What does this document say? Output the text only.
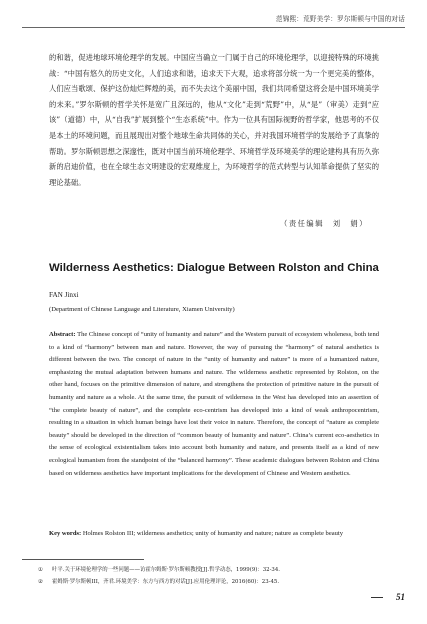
范锦熙：荒野美学：罗尔斯顿与中国的对话

的和谐，促进地球环境伦理学的发展。中国应当确立一门属于自己的环境伦理学，以迎接特殊的环境挑战：“中国有悠久的历史文化，人们追求和谐，追求天下大观，追求将部分统一为一个更完美的整体，人们应当歌颂、保护这份灿烂辉煌的美，而不失去这个美丽中国，我们共同希望这将会是中国环境美学的未来。”罗尔斯顿的哲学关怀是宽广且深远的，他从“文化”走到“荒野”中，从“是”（审美）走到“应该”（道德）中，从“自我”扩展到整个“生态系统”中。作为一位具有国际视野的哲学家，他思考的不仅是本土的环境问题，而且展现出对整个地球生命共同体的关心，并对我国环境哲学的发展给予了真挚的帮助。罗尔斯顿思想之深邃性，既对中国当前环境伦理学、环境哲学及环境美学的理论建构具有历久弥新的启迪价值，也在全球生态文明建设的宏观维度上，为环境哲学的范式转型与认知革命提供了坚实的理论基础。

（责任编辑　刘　娟）
Wilderness Aesthetics: Dialogue Between Rolston and China
FAN Jinxi
(Department of Chinese Language and Literature, Xiamen University)

Abstract: The Chinese concept of “unity of humanity and nature” and the Western pursuit of ecosystem wholeness, both tend to a kind of “harmony” between man and nature. However, the way of pursuing the “harmony” of natural aesthetics is different between the two. The concept of nature in the “unity of humanity and nature” is more of a humanized nature, emphasizing the mutual adaptation between humans and nature. The wilderness aesthetic represented by Rolston, on the other hand, focuses on the primitive dimension of nature, and strengthens the protection of primitive nature in the pursuit of humanity and nature as a whole. At the same time, the pursuit of wilderness in the West has developed into an assertion of “the complete beauty of nature”, and the complete eco-centrism has developed into a kind of weak anthropocentrism, resulting in a situation in which human beings have lost their voice in nature. Therefore, the concept of “nature as complete beauty” should be developed in the direction of “common beauty of humanity and nature”. China’s current eco-aesthetics in the sense of ecological existentialism takes into account both humanity and nature, and presents itself as a kind of new ecological humanism from the standpoint of the “balanced harmony”. These academic dialogues between Rolston and China based on wilderness aesthetics have important implications for the development of Chinese and Western aesthetics.

Key words: Holmes Rolston III; wilderness aesthetics; unity of humanity and nature; nature as complete beauty

① 叶平.关于环境伦理学的一些问题——访霍尔姆斯·罗尔斯顿教授[J].哲学动态，1999(9)：32-34.
② 霍姆斯·罗尔斯顿III，齐君.环境美学：东方与西方的对话[J].应用伦理评论，2016(60)：23-45.
51
